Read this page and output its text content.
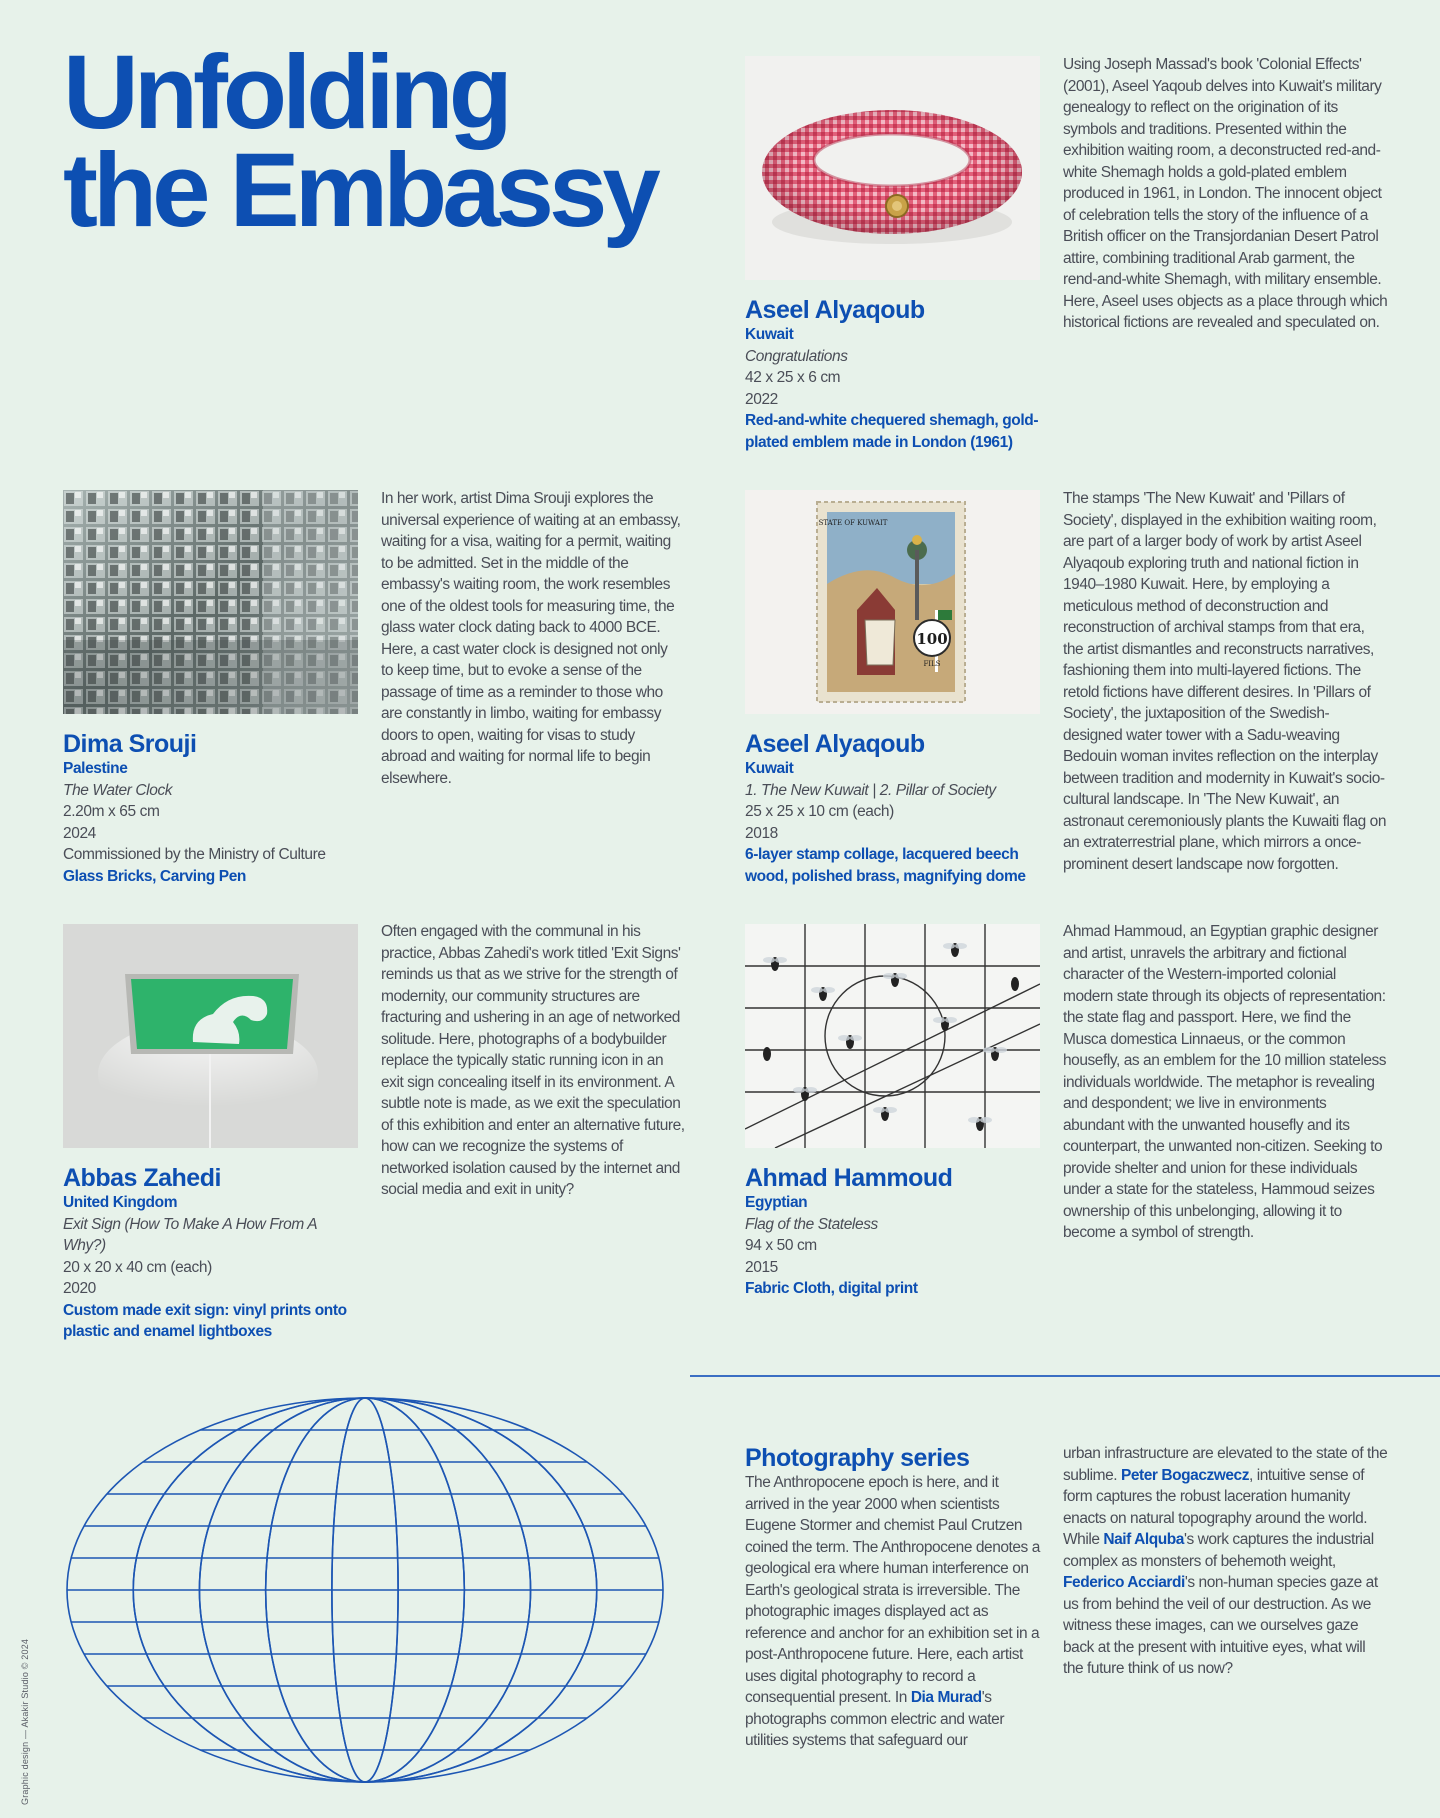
Unfolding
the Embassy
Aseel Alyaqoub
Kuwait
Congratulations
42 x 25 x 6 cm
2022
Red-and-white chequered shemagh, gold-plated emblem made in London (1961)
Using Joseph Massad's book 'Colonial Effects' (2001), Aseel Yaqoub delves into Kuwait's military genealogy to reflect on the origination of its symbols and traditions. Presented within the exhibition waiting room, a deconstructed red-and-white Shemagh holds a gold-plated emblem produced in 1961, in London. The innocent object of celebration tells the story of the influence of a British officer on the Transjordanian Desert Patrol attire, combining traditional Arab garment, the rend-and-white Shemagh, with military ensemble. Here, Aseel uses objects as a place through which historical fictions are revealed and speculated on.
Dima Srouji
Palestine
The Water Clock
2.20m x 65 cm
2024
Commissioned by the Ministry of Culture
Glass Bricks, Carving Pen
In her work, artist Dima Srouji explores the universal experience of waiting at an embassy, waiting for a visa, waiting for a permit, waiting to be admitted. Set in the middle of the embassy's waiting room, the work resembles one of the oldest tools for measuring time, the glass water clock dating back to 4000 BCE. Here, a cast water clock is designed not only to keep time, but to evoke a sense of the passage of time as a reminder to those who are constantly in limbo, waiting for embassy doors to open, waiting for visas to study abroad and waiting for normal life to begin elsewhere.
100
FILS
STATE OF KUWAIT
Aseel Alyaqoub
Kuwait
1. The New Kuwait | 2. Pillar of Society
25 x 25 x 10 cm (each)
2018
6-layer stamp collage, lacquered beech wood, polished brass, magnifying dome
The stamps 'The New Kuwait' and 'Pillars of Society', displayed in the exhibition waiting room, are part of a larger body of work by artist Aseel Alyaqoub exploring truth and national fiction in 1940–1980 Kuwait. Here, by employing a meticulous method of deconstruction and reconstruction of archival stamps from that era, the artist dismantles and reconstructs narratives, fashioning them into multi-layered fictions. The retold fictions have different desires. In 'Pillars of Society', the juxtaposition of the Swedish-designed water tower with a Sadu-weaving Bedouin woman invites reflection on the interplay between tradition and modernity in Kuwait's socio-cultural landscape. In 'The New Kuwait', an astronaut ceremoniously plants the Kuwaiti flag on an extraterrestrial plane, which mirrors a once-prominent desert landscape now forgotten.
Abbas Zahedi
United Kingdom
Exit Sign (How To Make A How From A Why?)
20 x 20 x 40 cm (each)
2020
Custom made exit sign: vinyl prints onto plastic and enamel lightboxes
Often engaged with the communal in his practice, Abbas Zahedi's work titled 'Exit Signs' reminds us that as we strive for the strength of modernity, our community structures are fracturing and ushering in an age of networked solitude. Here, photographs of a bodybuilder replace the typically static running icon in an exit sign concealing itself in its environment. A subtle note is made, as we exit the speculation of this exhibition and enter an alternative future, how can we recognize the systems of networked isolation caused by the internet and social media and exit in unity?	Ahmad Hammoud
Egyptian
Flag of the Stateless
94 x 50 cm
2015
Fabric Cloth, digital print
Ahmad Hammoud, an Egyptian graphic designer and artist, unravels the arbitrary and fictional character of the Western-imported colonial modern state through its objects of representation: the state flag and passport. Here, we find the Musca domestica Linnaeus, or the common housefly, as an emblem for the 10 million stateless individuals worldwide. The metaphor is revealing and despondent; we live in environments abundant with the unwanted housefly and its counterpart, the unwanted non-citizen. Seeking to provide shelter and union for these individuals under a state for the stateless, Hammoud seizes ownership of this unbelonging, allowing it to become a symbol of strength.
Photography series

The Anthropocene epoch is here, and it arrived in the year 2000 when scientists Eugene Stormer and chemist Paul Crutzen coined the term. The Anthropocene denotes a geological era where human interference on Earth's geological strata is irreversible. The photographic images displayed act as reference and anchor for an exhibition set in a post-Anthropocene future. Here, each artist uses digital photography to record a consequential present. In Dia Murad's photographs common electric and water utilities systems that safeguard our

urban infrastructure are elevated to the state of the sublime. Peter Bogaczwecz, intuitive sense of form captures the robust laceration humanity enacts on natural topography around the world. While Naif Alquba's work captures the industrial complex as monsters of behemoth weight, Federico Acciardi's non-human species gaze at us from behind the veil of our destruction. As we witness these images, can we ourselves gaze back at the present with intuitive eyes, what will the future think of us now?

Graphic design — Akakir Studio © 2024
